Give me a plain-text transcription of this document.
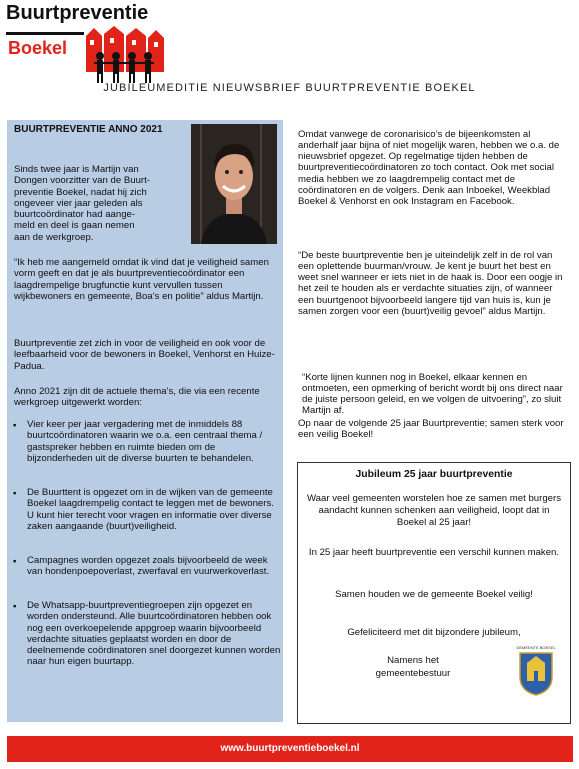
Buurtpreventie
Boekel
JUBILEUMEDITIE NIEUWSBRIEF BUURTPREVENTIE BOEKEL
BUURTPREVENTIE ANNO 2021
Sinds twee jaar is Martijn van
Dongen voorzitter van de Buurt-
preventie Boekel, nadat hij zich
ongeveer vier jaar geleden als
buurtcoördinator had aange-
meld en deel is gaan nemen
aan de werkgroep.

“Ik heb me aangemeld omdat ik vind dat je veiligheid samen vorm geeft en dat je als buurtpreventiecoördinator een laagdrempelige brugfunctie kunt vervullen tussen wijkbewoners en gemeente, Boa’s en politie” aldus Martijn.

Buurtpreventie zet zich in voor de veiligheid en ook voor de leefbaarheid voor de bewoners in Boekel, Venhorst en Huize-Padua.

Anno 2021 zijn dit de actuele thema’s, die via een recente werkgroep uitgewerkt worden:

▪ Vier keer per jaar vergadering met de inmiddels 88 buurtcoördinatoren waarin we o.a. een centraal thema / gastspreker hebben en ruimte bieden om de bijzonderheden uit de diverse buurten te behandelen.
▪ De Buurttent is opgezet om in de wijken van de gemeente Boekel laagdrempelig contact te leggen met de bewoners. U kunt hier terecht voor vragen en informatie over diverse zaken aangaande (buurt)veiligheid.
▪ Campagnes worden opgezet zoals bijvoorbeeld de week van hondenpoepoverlast, zwerfaval en vuurwerkoverlast.
▪ De Whatsapp-buurtpreventiegroepen zijn opgezet en worden ondersteund. Alle buurtcoördinatoren hebben ook nog een overkoepelende appgroep waarin bijvoorbeeld verdachte situaties geplaatst worden en door de deelnemende coördinatoren snel doorgezet kunnen worden naar hun eigen buurtapp.

Omdat vanwege de coronarisico’s de bijeenkomsten al anderhalf jaar bijna of niet mogelijk waren, hebben we o.a. de nieuwsbrief opgezet. Op regelmatige tijden hebben de buurtpreventiecoördinatoren zo toch contact. Ook met social media hebben we zo laagdrempelig contact met de coördinatoren en de volgers. Denk aan Inboekel, Weekblad Boekel & Venhorst en ook Instagram en Facebook.

“De beste buurtpreventie ben je uiteindelijk zelf in de rol van een oplettende buurman/vrouw. Je kent je buurt het best en weet snel wanneer er iets niet in de haak is. Door een oogje in het zeil te houden als er verdachte situaties zijn, of wanneer een buurtgenoot bijvoorbeeld langere tijd van huis is, kun je samen zorgen voor een (buurt)veilig gevoel” aldus Martijn.

“Korte lijnen kunnen nog in Boekel, elkaar kennen en ontmoeten, een opmerking of bericht wordt bij ons direct naar de juiste persoon geleid, en we volgen de uitvoering”, zo sluit Martijn af.

Op naar de volgende 25 jaar Buurtpreventie; samen sterk voor een veilig Boekel!

Jubileum 25 jaar buurtpreventie
Waar veel gemeenten worstelen hoe ze samen met burgers aandacht kunnen schenken aan veiligheid, loopt dat in Boekel al 25 jaar!
In 25 jaar heeft buurtpreventie een verschil kunnen maken.
Samen houden we de gemeente Boekel veilig!
Gefeliciteerd met dit bijzondere jubileum,
Namens het
gemeentebestuur
GEMEENTE BOEKEL
www.buurtpreventieboekel.nl
